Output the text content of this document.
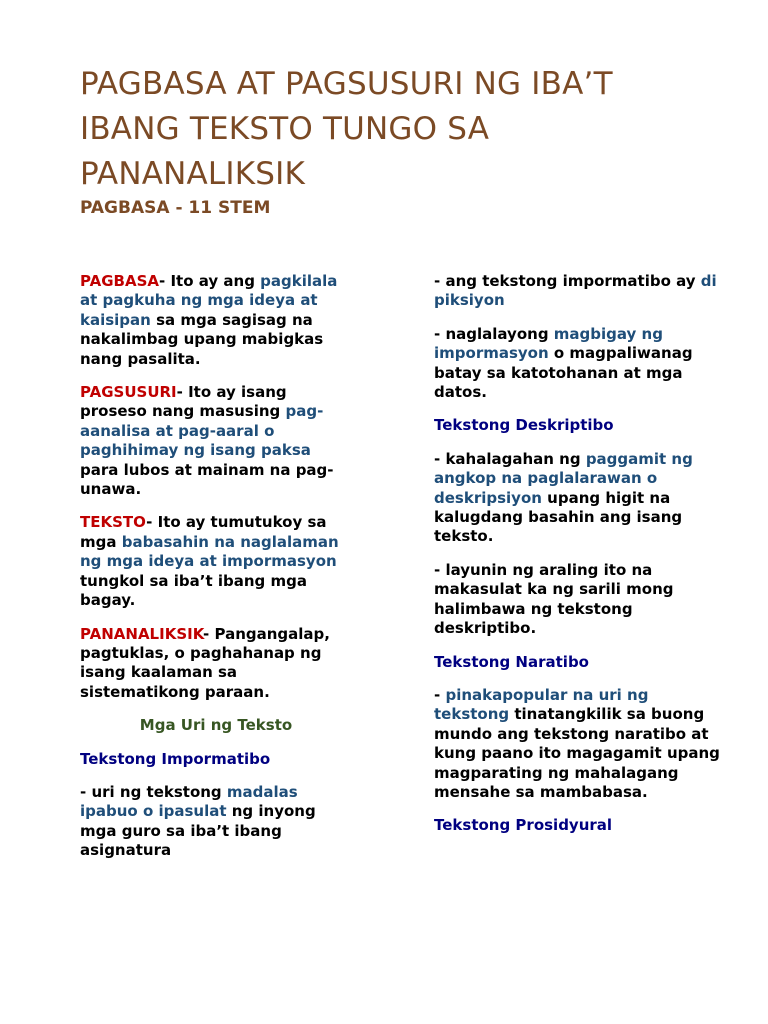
PAGBASA AT PAGSUSURI NG IBA’T IBANG TEKSTO TUNGO SA PANANALIKSIK
PAGBASA - 11 STEM

PAGBASA- Ito ay ang pagkilala at pagkuha ng mga ideya at kaisipan sa mga sagisag na nakalimbag upang mabigkas nang pasalita.

PAGSUSURI- Ito ay isang proseso nang masusing pag-aanalisa at pag-aaral o paghihimay ng isang paksa para lubos at mainam na pag-unawa.

TEKSTO- Ito ay tumutukoy sa mga babasahin na naglalaman ng mga ideya at impormasyon tungkol sa iba’t ibang mga bagay.

PANANALIKSIK- Pangangalap, pagtuklas, o paghahanap ng isang kaalaman sa sistematikong paraan.

Mga Uri ng Teksto

Tekstong Impormatibo

- uri ng tekstong madalas ipabuo o ipasulat ng inyong mga guro sa iba’t ibang asignatura

- ang tekstong impormatibo ay di piksiyon

- naglalayong magbigay ng impormasyon o magpaliwanag batay sa katotohanan at mga datos.

Tekstong Deskriptibo

- kahalagahan ng paggamit ng angkop na paglalarawan o deskripsiyon upang higit na kalugdang basahin ang isang teksto.

- layunin ng araling ito na makasulat ka ng sarili mong halimbawa ng tekstong deskriptibo.

Tekstong Naratibo

- pinakapopular na uri ng tekstong tinatangkilik sa buong mundo ang tekstong naratibo at kung paano ito magagamit upang magparating ng mahalagang mensahe sa mambabasa.

Tekstong Prosidyural
